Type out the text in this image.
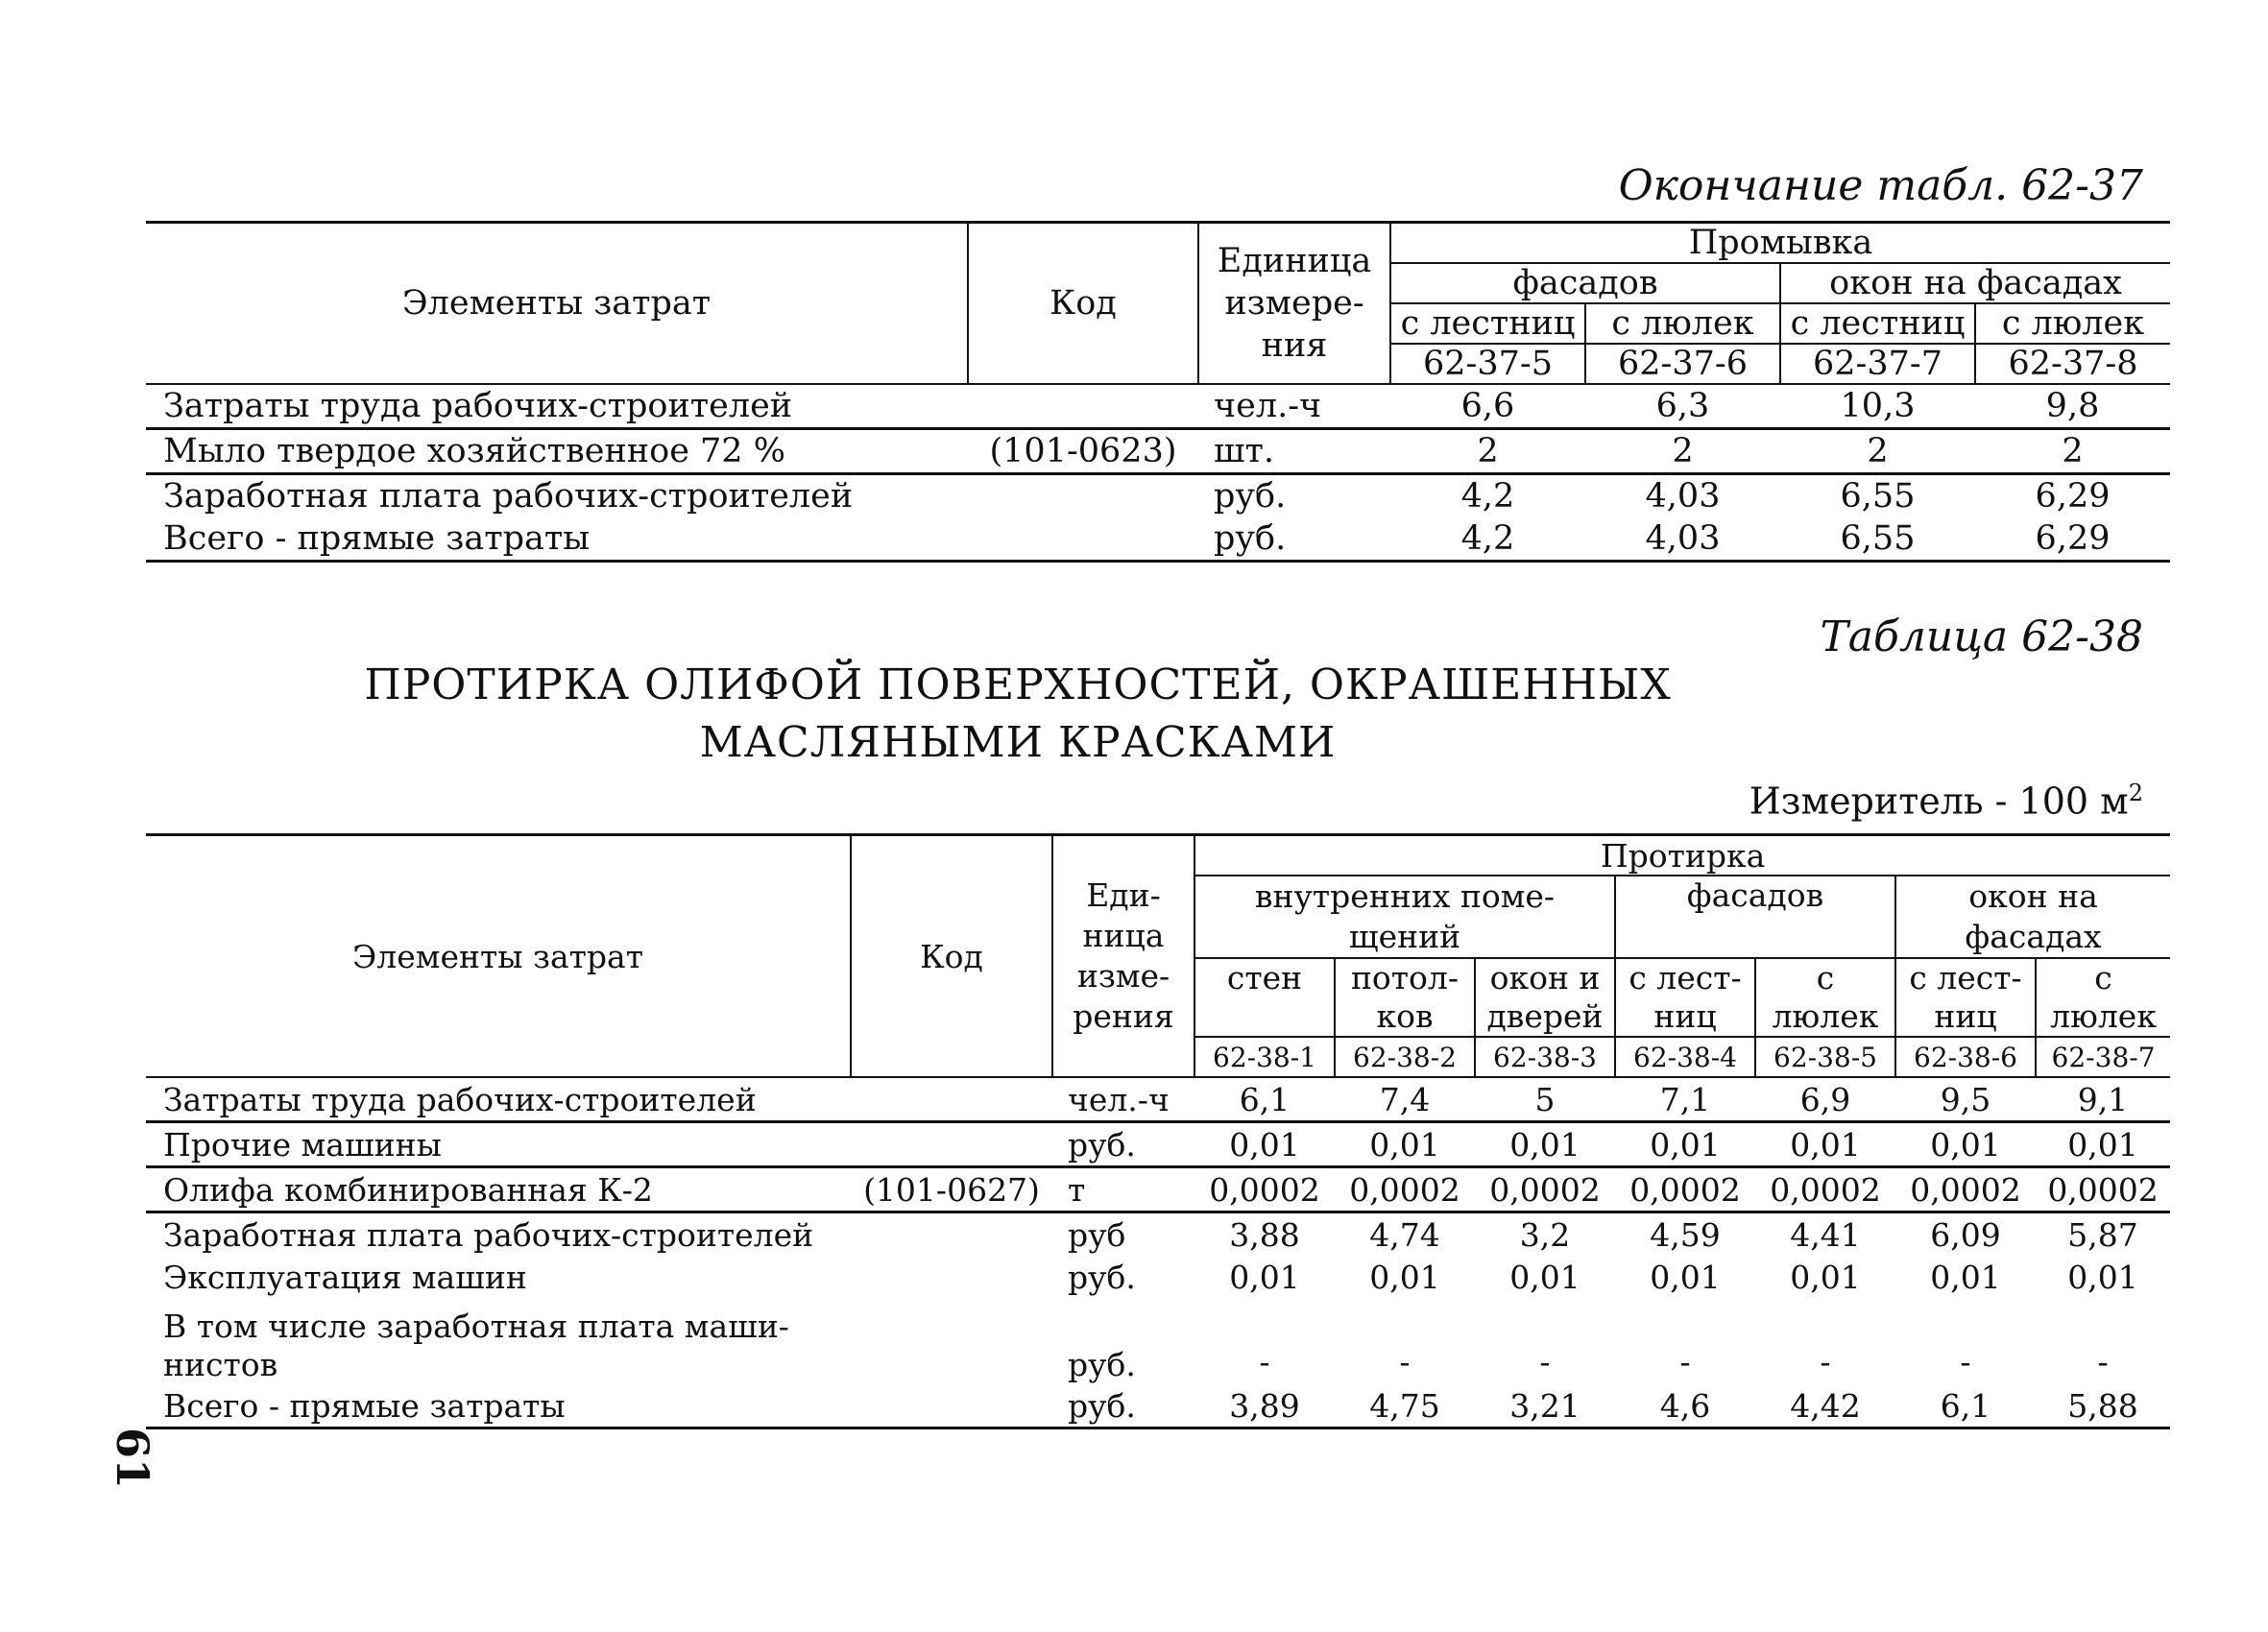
Окончание табл. 62-37
Элементы затрат	Код	Единица измере- ния	Промывка			
			фасадов		окон на фасадах	
			с лестниц	с люлек	с лестниц	с люлек
			62-37-5	62-37-6	62-37-7	62-37-8
Затраты труда рабочих-строителей		чел.-ч	6,6	6,3	10,3	9,8
Мыло твердое хозяйственное 72 %	(101-0623)	шт.	2	2	2	2
Заработная плата рабочих-строителей		руб.	4,2	4,03	6,55	6,29
Всего - прямые затраты		руб.	4,2	4,03	6,55	6,29
Таблица 62-38
ПРОТИРКА ОЛИФОЙ ПОВЕРХНОСТЕЙ, ОКРАШЕННЫХ
МАСЛЯНЫМИ КРАСКАМИ
Измеритель - 100 $м^2$
Элементы затрат	Код	Еди- ница изме- рения	Протирка						
			внутренних поме- щений			фасадов		окон на фасадах	

			стен	потол- ков	окон и дверей	с лест- ниц	с люлек	с лест- ниц	с люлек

			62-38-1	62-38-2	62-38-3	62-38-4	62-38-5	62-38-6	62-38-7
Затраты труда рабочих-строителей		чел.-ч	6,1	7,4	5	7,1	6,9	9,5	9,1
Прочие машины		руб.	0,01	0,01	0,01	0,01	0,01	0,01	0,01
Олифа комбинированная К-2	(101-0627)	т	0,0002	0,0002	0,0002	0,0002	0,0002	0,0002	0,0002
Заработная плата рабочих-строителей		руб	3,88	4,74	3,2	4,59	4,41	6,09	5,87
Эксплуатация машин		руб.	0,01	0,01	0,01	0,01	0,01	0,01	0,01
В том числе заработная плата маши- нистов		руб.	-	-	-	-	-	-	-
Всего - прямые затраты		руб.	3,89	4,75	3,21	4,6	4,42	6,1	5,88
61
